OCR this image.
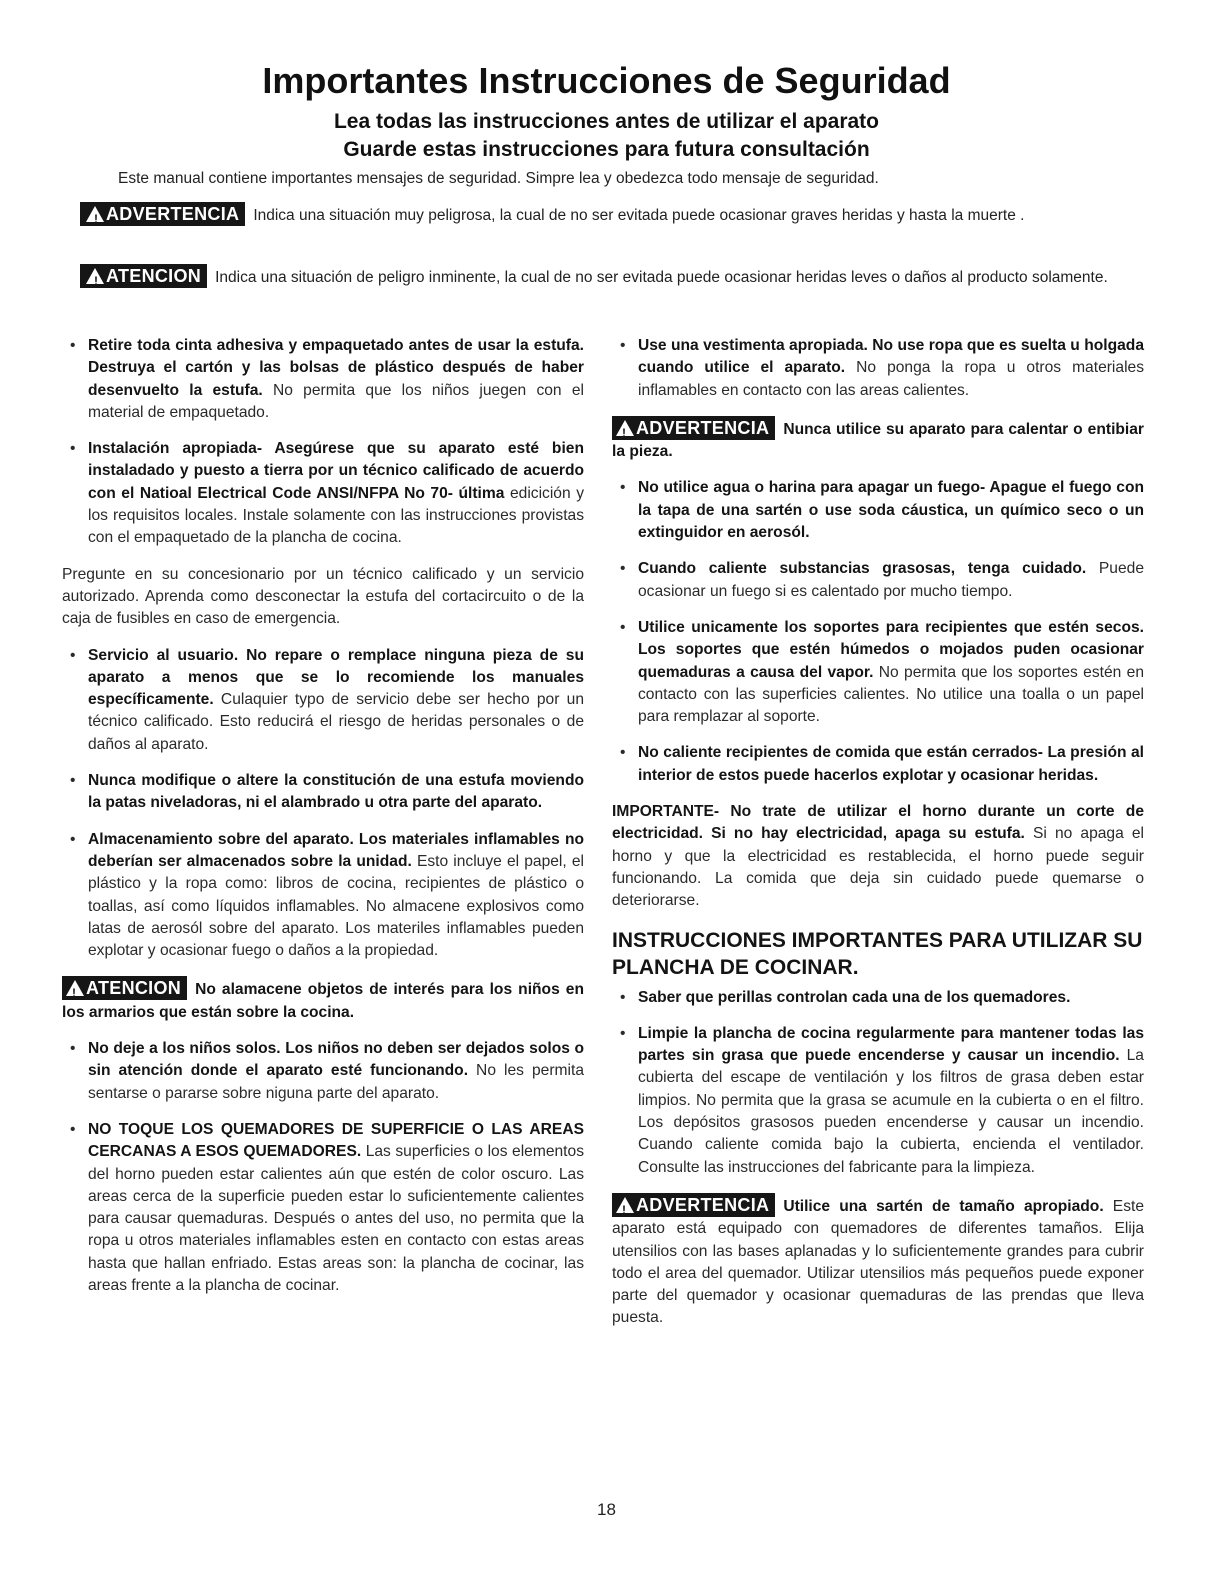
Importantes Instrucciones de Seguridad
Lea todas las instrucciones antes de utilizar el aparato
Guarde estas instrucciones para futura consultación
Este manual contiene importantes mensajes de seguridad. Simpre lea y obedezca todo mensaje de seguridad.
!ADVERTENCIA Indica una situación muy peligrosa, la cual de no ser evitada puede ocasionar graves heridas y hasta la muerte .
!ATENCION Indica una situación de peligro inminente, la cual de no ser evitada puede ocasionar heridas leves o daños al producto solamente.

• Retire toda cinta adhesiva y empaquetado antes de usar la estufa. Destruya el cartón y las bolsas de plástico después de haber desenvuelto la estufa. No permita que los niños juegen con el material de empaquetado.

• Instalación apropiada- Asegúrese que su aparato esté bien instaladado y puesto a tierra por un técnico calificado de acuerdo con el Natioal Electrical Code ANSI/NFPA No 70- última edicición y los requisitos locales. Instale solamente con las instrucciones provistas con el empaquetado de la plancha de cocina.

Pregunte en su concesionario por un técnico calificado y un servicio autorizado. Aprenda como desconectar la estufa del cortacircuito o de la caja de fusibles en caso de emergencia.

• Servicio al usuario. No repare o remplace ninguna pieza de su aparato a menos que se lo recomiende los manuales específicamente. Culaquier typo de servicio debe ser hecho por un técnico calificado. Esto reducirá el riesgo de heridas personales o de daños al aparato.

• Nunca modifique o altere la constitución de una estufa moviendo la patas niveladoras, ni el alambrado u otra parte del aparato.

• Almacenamiento sobre del aparato. Los materiales inflamables no deberían ser almacenados sobre la unidad. Esto incluye el papel, el plástico y la ropa como: libros de cocina, recipientes de plástico o toallas, así como líquidos inflamables. No almacene explosivos como latas de aerosól sobre del aparato. Los materiles inflamables pueden explotar y ocasionar fuego o daños a la propiedad.

!ATENCION No alamacene objetos de interés para los niños en los armarios que están sobre la cocina.

• No deje a los niños solos. Los niños no deben ser dejados solos o sin atención donde el aparato esté funcionando. No les permita sentarse o pararse sobre niguna parte del aparato.

• NO TOQUE LOS QUEMADORES DE SUPERFICIE O LAS AREAS CERCANAS A ESOS QUEMADORES. Las superficies o los elementos del horno pueden estar calientes aún que estén de color oscuro. Las areas cerca de la superficie pueden estar lo suficientemente calientes para causar quemaduras. Después o antes del uso, no permita que la ropa u otros materiales inflamables esten en contacto con estas areas hasta que hallan enfriado. Estas areas son: la plancha de cocinar, las areas frente a la plancha de cocinar.

• Use una vestimenta apropiada. No use ropa que es suelta u holgada cuando utilice el aparato. No ponga la ropa u otros materiales inflamables en contacto con las areas calientes.

!ADVERTENCIA Nunca utilice su aparato para calentar o entibiar la pieza.

• No utilice agua o harina para apagar un fuego- Apague el fuego con la tapa de una sartén o use soda cáustica, un químico seco o un extinguidor en aerosól.

• Cuando caliente substancias grasosas, tenga cuidado. Puede ocasionar un fuego si es calentado por mucho tiempo.

• Utilice unicamente los soportes para recipientes que estén secos. Los soportes que estén húmedos o mojados puden ocasionar quemaduras a causa del vapor. No permita que los soportes estén en contacto con las superficies calientes. No utilice una toalla o un papel para remplazar al soporte.

• No caliente recipientes de comida que están cerrados- La presión al interior de estos puede hacerlos explotar y ocasionar heridas.

IMPORTANTE- No trate de utilizar el horno durante un corte de electricidad. Si no hay electricidad, apaga su estufa. Si no apaga el horno y que la electricidad es restablecida, el horno puede seguir funcionando. La comida que deja sin cuidado puede quemarse o deteriorarse.

INSTRUCCIONES IMPORTANTES PARA UTILIZAR SU PLANCHA DE COCINAR.

• Saber que perillas controlan cada una de los quemadores.

• Limpie la plancha de cocina regularmente para mantener todas las partes sin grasa que puede encenderse y causar un incendio. La cubierta del escape de ventilación y los filtros de grasa deben estar limpios. No permita que la grasa se acumule en la cubierta o en el filtro. Los depósitos grasosos pueden encenderse y causar un incendio. Cuando caliente comida bajo la cubierta, encienda el ventilador. Consulte las instrucciones del fabricante para la limpieza.

!ADVERTENCIA Utilice una sartén de tamaño apropiado. Este aparato está equipado con quemadores de diferentes tamaños. Elija utensilios con las bases aplanadas y lo suficientemente grandes para cubrir todo el area del quemador. Utilizar utensilios más pequeños puede exponer parte del quemador y ocasionar quemaduras de las prendas que lleva puesta.

18
